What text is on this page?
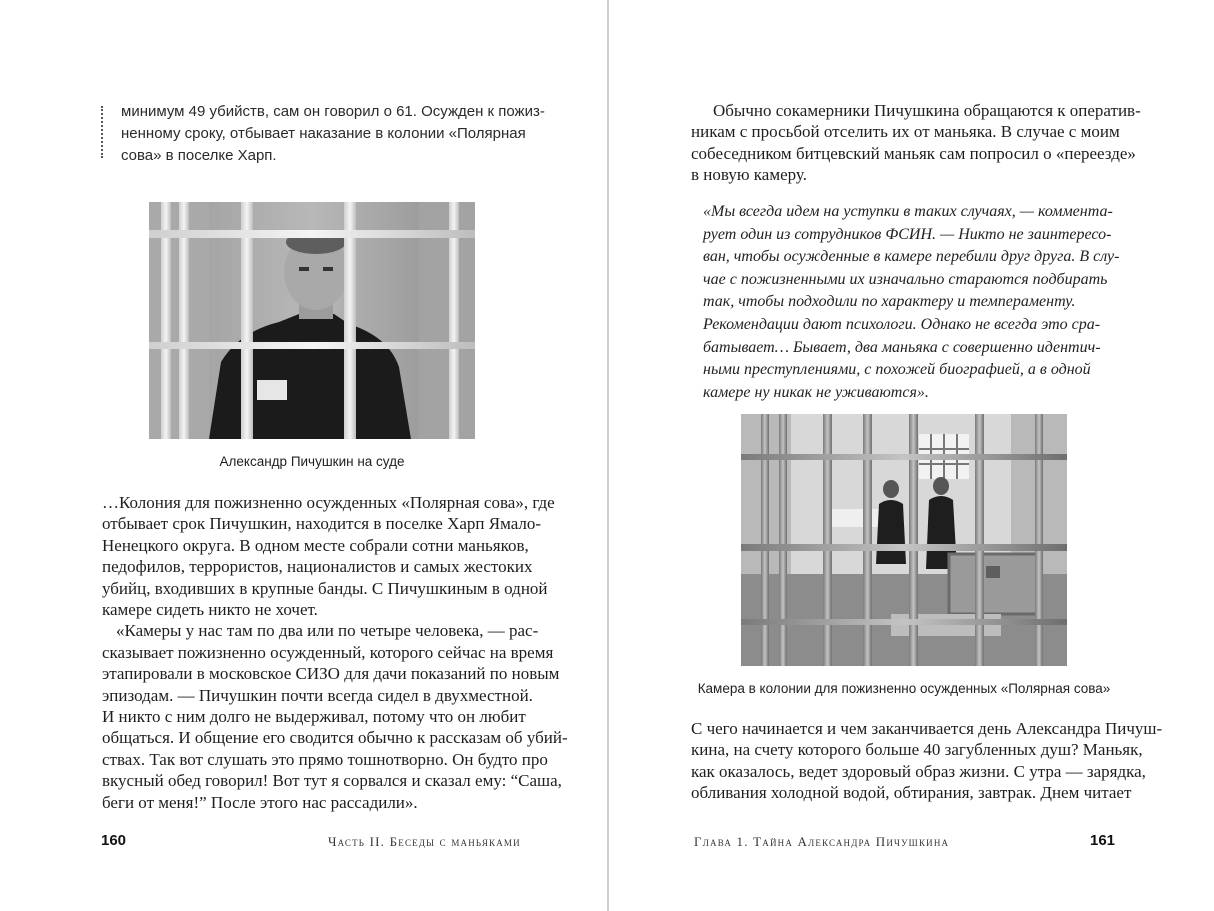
минимум 49 убийств, сам он говорил о 61. Осужден к пожиз-
ненному сроку, отбывает наказание в колонии «Полярная
сова» в поселке Харп.
Александр Пичушкин на суде
…Колония для пожизненно осужденных «Полярная сова», где
отбывает срок Пичушкин, находится в поселке Харп Ямало-
Ненецкого округа. В одном месте собрали сотни маньяков,
педофилов, террористов, националистов и самых жестоких
убийц, входивших в крупные банды. С Пичушкиным в одной
камере сидеть никто не хочет.
«Камеры у нас там по два или по четыре человека, — рас-
сказывает пожизненно осужденный, которого сейчас на время
этапировали в московское СИЗО для дачи показаний по новым
эпизодам. — Пичушкин почти всегда сидел в двухместной.
И никто с ним долго не выдерживал, потому что он любит
общаться. И общение его сводится обычно к рассказам об убий-
ствах. Так вот слушать это прямо тошнотворно. Он будто про
вкусный обед говорил! Вот тут я сорвался и сказал ему: “Саша,
беги от меня!” После этого нас рассадили».
160	Часть II. Беседы с маньяками
Обычно сокамерники Пичушкина обращаются к оператив-
никам с просьбой отселить их от маньяка. В случае с моим
собеседником битцевский маньяк сам попросил о «переезде»
в новую камеру.
«Мы всегда идем на уступки в таких случаях, — коммента-
рует один из сотрудников ФСИН. — Никто не заинтересо-
ван, чтобы осужденные в камере перебили друг друга. В слу-
чае с пожизненными их изначально стараются подбирать
так, чтобы подходили по характеру и темпераменту.
Рекомендации дают психологи. Однако не всегда это сра-
батывает… Бывает, два маньяка с совершенно идентич-
ными преступлениями, с похожей биографией, а в одной
камере ну никак не уживаются».
Камера в колонии для пожизненно осужденных «Полярная сова»
С чего начинается и чем заканчивается день Александра Пичуш-
кина, на счету которого больше 40 загубленных душ? Маньяк,
как оказалось, ведет здоровый образ жизни. С утра — зарядка,
обливания холодной водой, обтирания, завтрак. Днем читает
Глава 1. Тайна Александра Пичушкина	161
